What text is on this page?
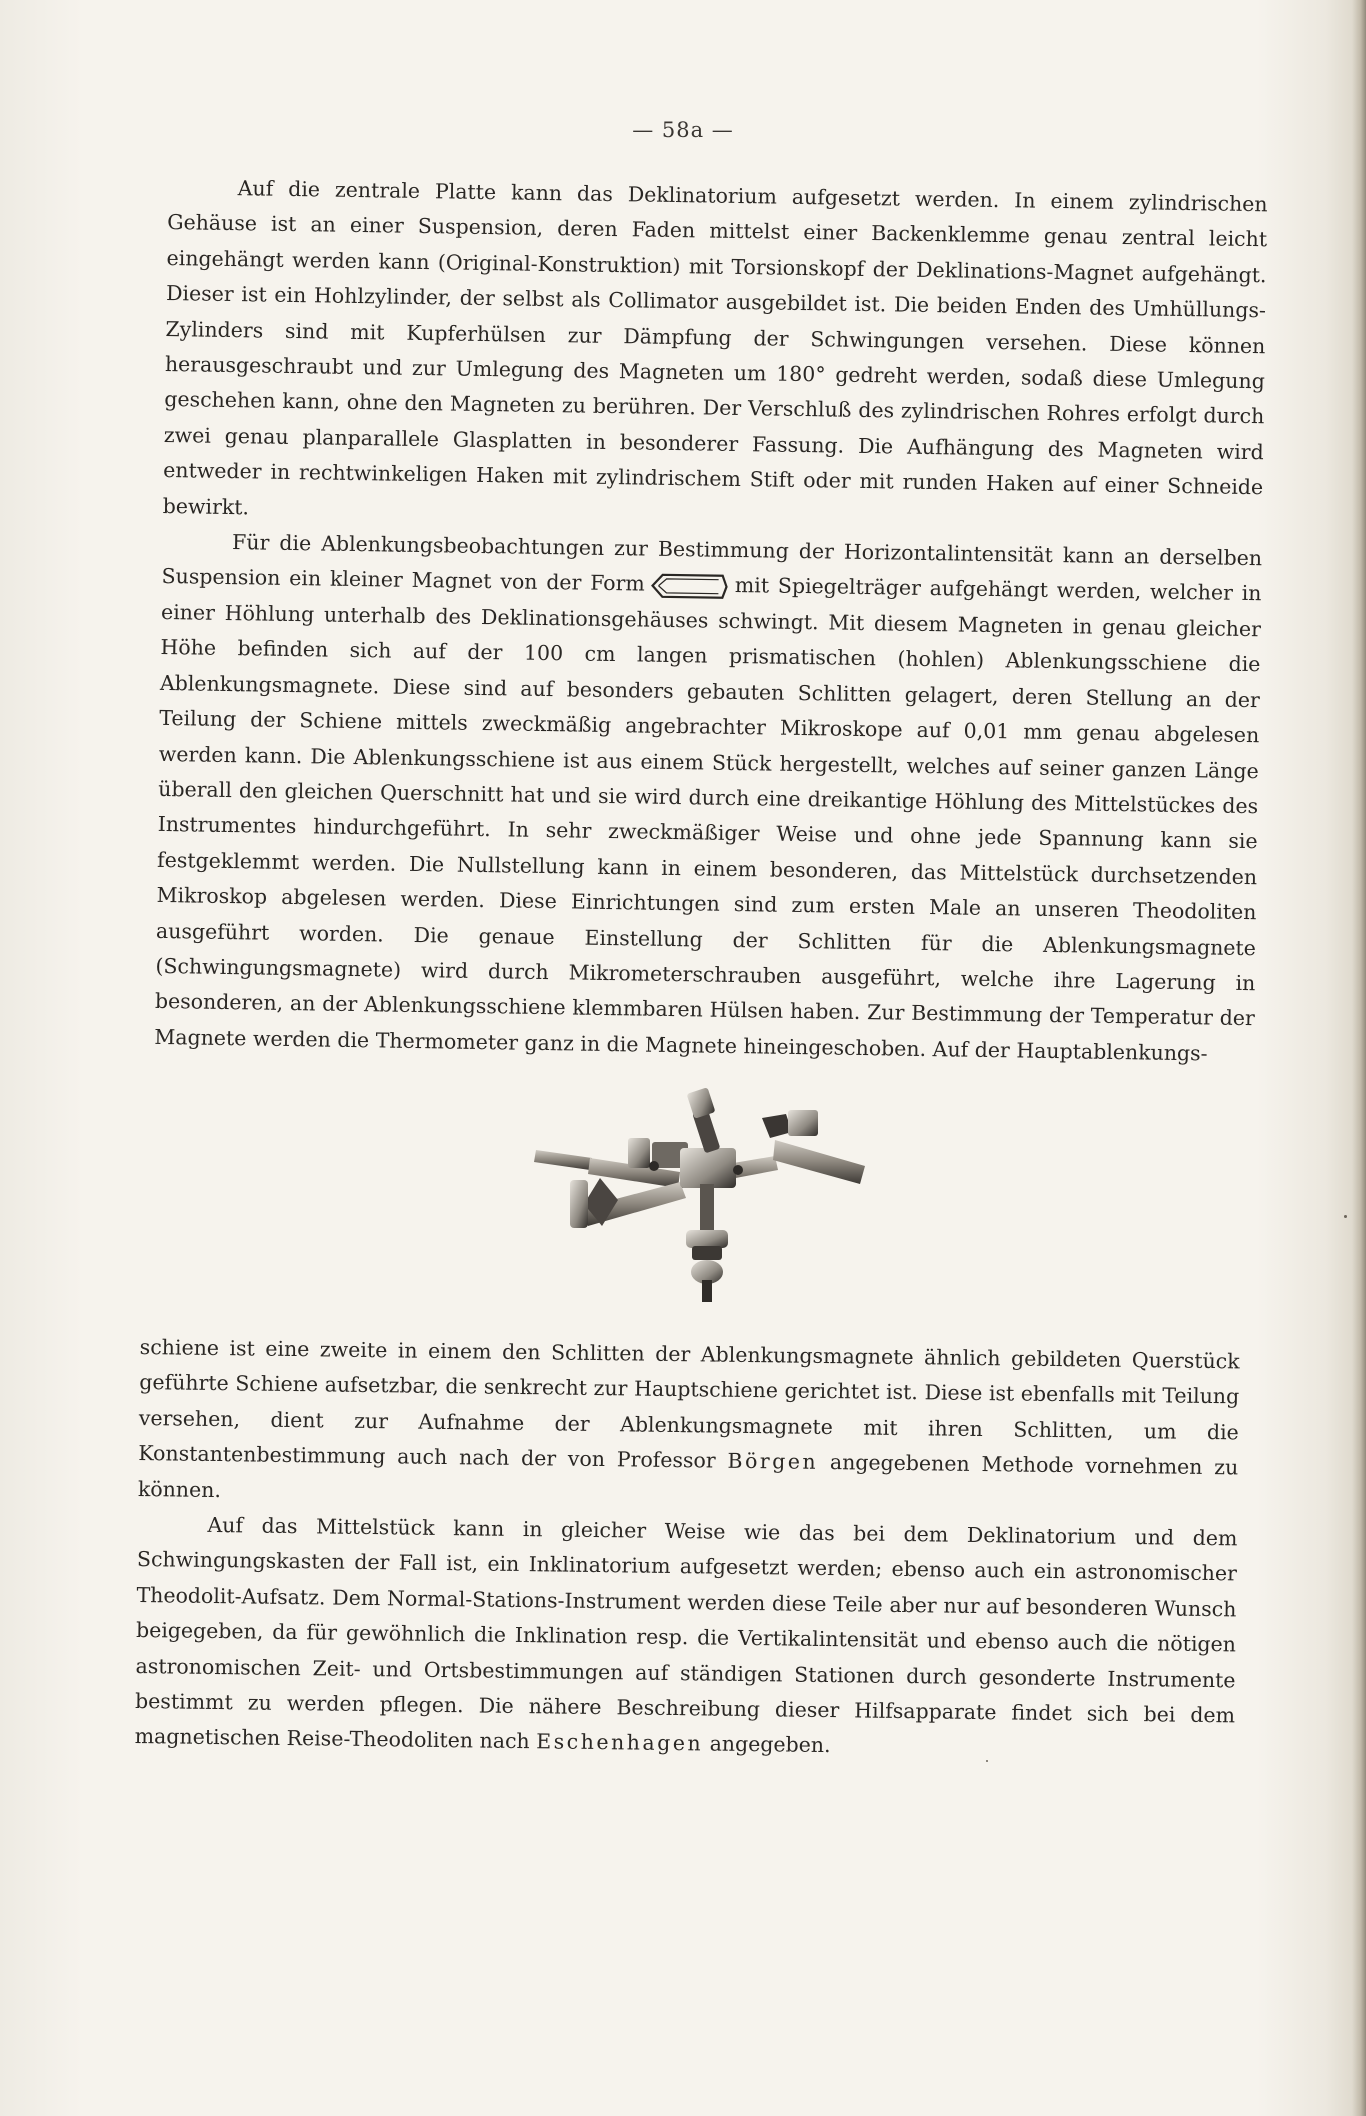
— 58a —

Auf die zentrale Platte kann das Deklinatorium aufgesetzt werden. In einem zylindrischen Gehäuse ist an einer Suspension, deren Faden mittelst einer Backenklemme genau zentral leicht eingehängt werden kann (Original-Konstruktion) mit Torsionskopf der Deklinations-Magnet aufgehängt. Dieser ist ein Hohlzylinder, der selbst als Collimator ausgebildet ist. Die beiden Enden des Umhüllungs-Zylinders sind mit Kupferhülsen zur Dämpfung der Schwingungen versehen. Diese können herausgeschraubt und zur Umlegung des Magneten um 180° gedreht werden, sodaß diese Umlegung geschehen kann, ohne den Magneten zu berühren. Der Verschluß des zylindrischen Rohres erfolgt durch zwei genau planparallele Glasplatten in besonderer Fassung. Die Aufhängung des Magneten wird entweder in rechtwinkeligen Haken mit zylindrischem Stift oder mit runden Haken auf einer Schneide bewirkt.

Für die Ablenkungsbeobachtungen zur Bestimmung der Horizontalintensität kann an derselben Suspension ein kleiner Magnet von der Form	mit Spiegelträger aufgehängt werden, welcher in einer Höhlung unterhalb des Deklinationsgehäuses schwingt. Mit diesem Magneten in genau gleicher Höhe befinden sich auf der 100 cm langen prismatischen (hohlen) Ablenkungsschiene die Ablenkungsmagnete. Diese sind auf besonders gebauten Schlitten gelagert, deren Stellung an der Teilung der Schiene mittels zweckmäßig angebrachter Mikroskope auf 0,01 mm genau abgelesen werden kann. Die Ablenkungsschiene ist aus einem Stück hergestellt, welches auf seiner ganzen Länge überall den gleichen Querschnitt hat und sie wird durch eine dreikantige Höhlung des Mittelstückes des Instrumentes hindurchgeführt. In sehr zweckmäßiger Weise und ohne jede Spannung kann sie festgeklemmt werden. Die Nullstellung kann in einem besonderen, das Mittelstück durchsetzenden Mikroskop abgelesen werden. Diese Einrichtungen sind zum ersten Male an unseren Theodoliten ausgeführt worden. Die genaue Einstellung der Schlitten für die Ablenkungsmagnete (Schwingungsmagnete) wird durch Mikrometerschrauben ausgeführt, welche ihre Lagerung in besonderen, an der Ablenkungsschiene klemmbaren Hülsen haben. Zur Bestimmung der Temperatur der Magnete werden die Thermometer ganz in die Magnete hineingeschoben. Auf der Hauptablenkungs-

schiene ist eine zweite in einem den Schlitten der Ablenkungsmagnete ähnlich gebildeten Querstück geführte Schiene aufsetzbar, die senkrecht zur Hauptschiene gerichtet ist. Diese ist ebenfalls mit Teilung versehen, dient zur Aufnahme der Ablenkungsmagnete mit ihren Schlitten, um die Konstantenbestimmung auch nach der von Professor Börgen angegebenen Methode vornehmen zu können.

Auf das Mittelstück kann in gleicher Weise wie das bei dem Deklinatorium und dem Schwingungskasten der Fall ist, ein Inklinatorium aufgesetzt werden; ebenso auch ein astronomischer Theodolit-Aufsatz. Dem Normal-Stations-Instrument werden diese Teile aber nur auf besonderen Wunsch beigegeben, da für gewöhnlich die Inklination resp. die Vertikalintensität und ebenso auch die nötigen astronomischen Zeit- und Ortsbestimmungen auf ständigen Stationen durch gesonderte Instrumente bestimmt zu werden pflegen. Die nähere Beschreibung dieser Hilfsapparate findet sich bei dem magnetischen Reise-Theodoliten nach Eschenhagen angegeben.
